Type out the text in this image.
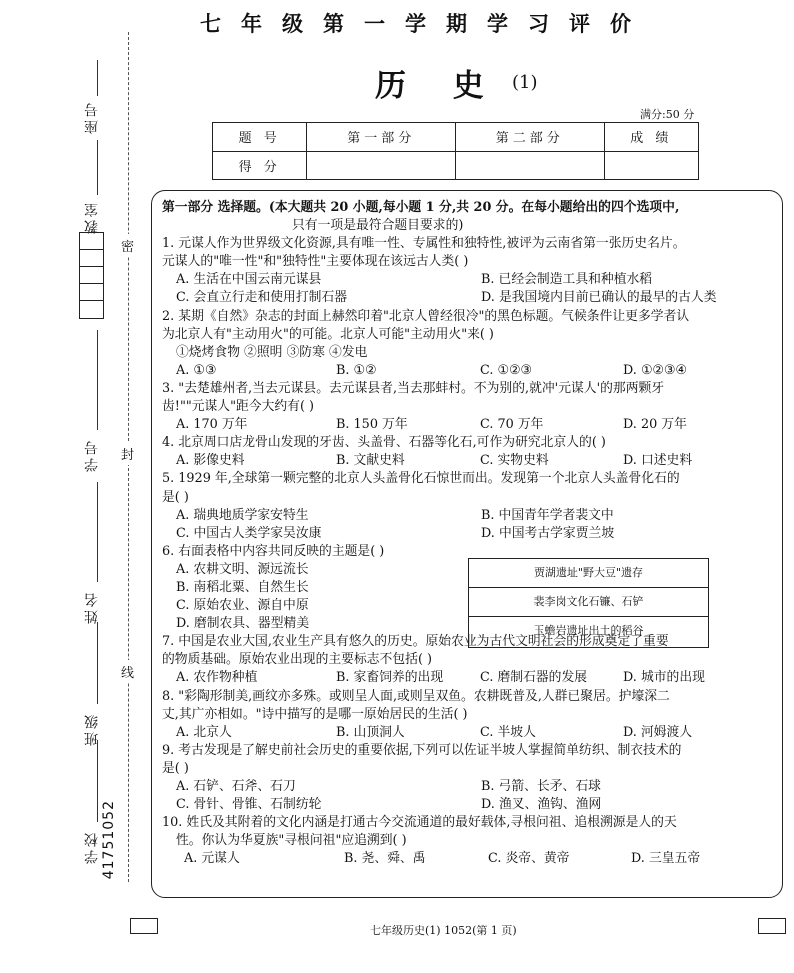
七年级第一学期学习评价
历 史 (1)
满分:50 分
题 号	第一部分	第二部分	成 绩
得 分			
密
封
线
座号
教室
学号
姓名
班级
学校 41751052

第一部分 选择题。(本大题共 20 小题,每小题 1 分,共 20 分。在每小题给出的四个选项中,

只有一项是最符合题目要求的)

1. 元谋人作为世界级文化资源,具有唯一性、专属性和独特性,被评为云南省第一张历史名片。

元谋人的"唯一性"和"独特性"主要体现在该远古人类( )

A. 生活在中国云南元谋县	B. 已经会制造工具和种植水稻

C. 会直立行走和使用打制石器	D. 是我国境内目前已确认的最早的古人类

2. 某期《自然》杂志的封面上赫然印着"北京人曾经很冷"的黑色标题。气候条件让更多学者认

为北京人有"主动用火"的可能。北京人可能"主动用火"来( )

①烧烤食物 ②照明 ③防寒 ④发电

A. ①③	B. ①②	C. ①②③	D. ①②③④

3. "去楚雄州者,当去元谋县。去元谋县者,当去那蚌村。不为别的,就冲'元谋人'的那两颗牙

齿!""元谋人"距今大约有( )

A. 170 万年	B. 150 万年	C. 70 万年	D. 20 万年

4. 北京周口店龙骨山发现的牙齿、头盖骨、石器等化石,可作为研究北京人的( )

A. 影像史料	B. 文献史料	C. 实物史料	D. 口述史料

5. 1929 年,全球第一颗完整的北京人头盖骨化石惊世而出。发现第一个北京人头盖骨化石的

是( )

A. 瑞典地质学家安特生	B. 中国青年学者裴文中

C. 中国古人类学家吴汝康	D. 中国考古学家贾兰坡

6. 右面表格中内容共同反映的主题是( )

A. 农耕文明、源远流长

B. 南稻北粟、自然生长

C. 原始农业、源自中原

D. 磨制农具、器型精美

7. 中国是农业大国,农业生产具有悠久的历史。原始农业为古代文明社会的形成奠定了重要

的物质基础。原始农业出现的主要标志不包括( )

A. 农作物种植	B. 家畜饲养的出现	C. 磨制石器的发展	D. 城市的出现

8. "彩陶形制美,画纹亦多殊。或则呈人面,或则呈双鱼。农耕既普及,人群已聚居。护壕深二

丈,其广亦相如。"诗中描写的是哪一原始居民的生活( )

A. 北京人	B. 山顶洞人	C. 半坡人	D. 河姆渡人

9. 考古发现是了解史前社会历史的重要依据,下列可以佐证半坡人掌握简单纺织、制衣技术的

是( )

A. 石铲、石斧、石刀	B. 弓箭、长矛、石球

C. 骨针、骨锥、石制纺轮	D. 渔叉、渔钩、渔网

10. 姓氏及其附着的文化内涵是打通古今交流通道的最好载体,寻根问祖、追根溯源是人的天

性。你认为华夏族"寻根问祖"应追溯到( )

A. 元谋人	B. 尧、舜、禹	C. 炎帝、黄帝	D. 三皇五帝

贾湖遗址"野大豆"遗存
裴李岗文化石镰、石铲
玉蟾岩遗址出土的稻谷
七年级历史(1) 1052(第 1 页)
